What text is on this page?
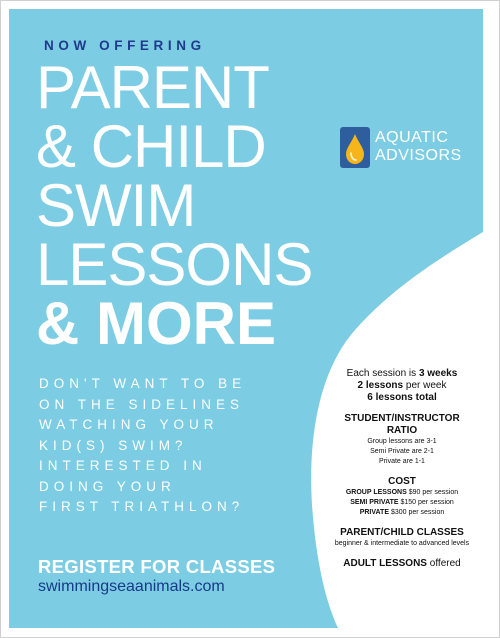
NOW OFFERING

PARENT
& CHILD
SWIM
LESSONS
& MORE
AQUATIC
ADVISORS
DON'T WANT TO BE
ON THE SIDELINES
WATCHING YOUR
KID(S) SWIM?
INTERESTED IN
DOING YOUR
FIRST TRIATHLON?

REGISTER FOR CLASSES

swimmingseaanimals.com

Each session is 3 weeks

2 lessons per week

6 lessons total

STUDENT/INSTRUCTOR

RATIO

Group lessons are 3-1

Semi Private are 2-1

Private are 1-1

COST

GROUP LESSONS $90 per session

SEMI PRIVATE $150 per session

PRIVATE $300 per session

PARENT/CHILD CLASSES

beginner & intermediate to advanced levels

ADULT LESSONS offered
